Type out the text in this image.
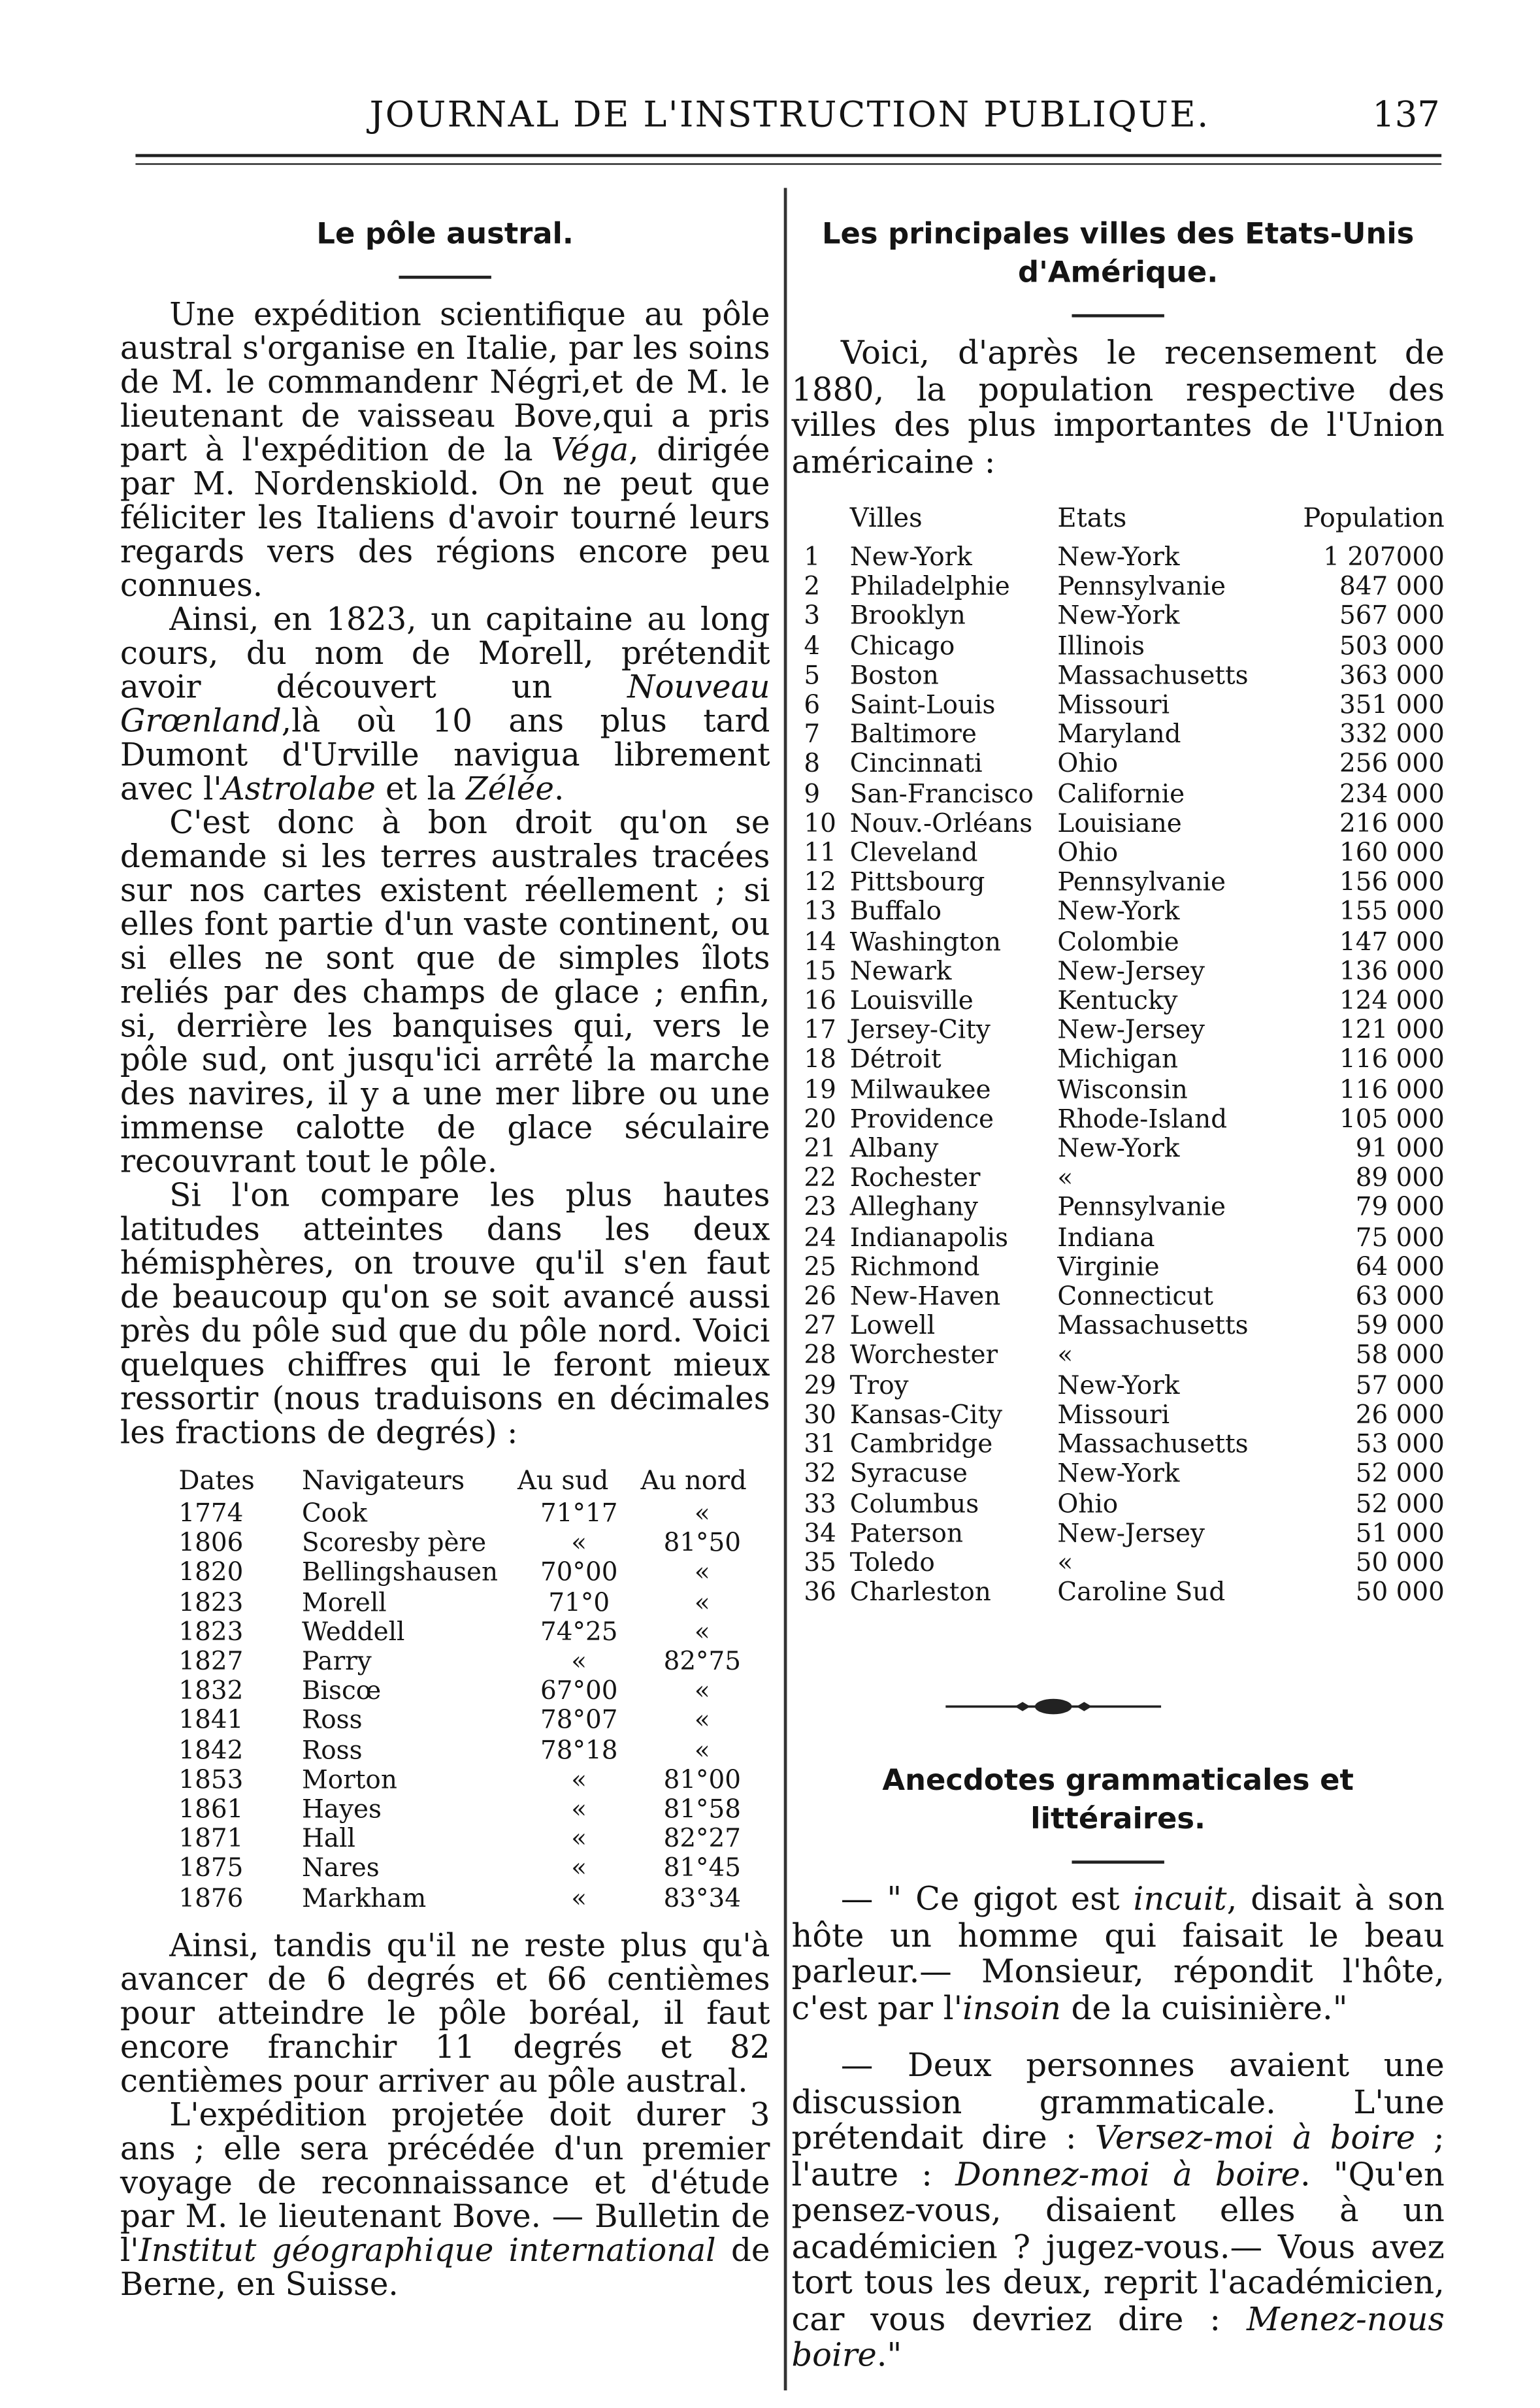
JOURNAL DE L'INSTRUCTION PUBLIQUE.	137
Le pôle austral.

Une expédition scientifique au pôle austral s'organise en Italie, par les soins de M. le commandenr Négri,et de M. le lieutenant de vaisseau Bove,qui a pris part à l'expédition de la Véga, dirigée par M. Nordenskiold. On ne peut que féliciter les Italiens d'avoir tourné leurs regards vers des régions encore peu connues.

Ainsi, en 1823, un capitaine au long cours, du nom de Morell, prétendit avoir découvert un Nouveau Grœnland,là où 10 ans plus tard Dumont d'Urville navigua librement avec l'Astrolabe et la Zélée.

C'est donc à bon droit qu'on se demande si les terres australes tracées sur nos cartes existent réellement ; si elles font partie d'un vaste continent, ou si elles ne sont que de simples îlots reliés par des champs de glace ; enfin, si, derrière les banquises qui, vers le pôle sud, ont jusqu'ici arrêté la marche des navires, il y a une mer libre ou une immense calotte de glace séculaire recouvrant tout le pôle.

Si l'on compare les plus hautes latitudes atteintes dans les deux hémisphères, on trouve qu'il s'en faut de beaucoup qu'on se soit avancé aussi près du pôle sud que du pôle nord. Voici quelques chiffres qui le feront mieux ressortir (nous traduisons en décimales les fractions de degrés) :

Dates	Navigateurs	Au sud	Au nord
1774	Cook	71°17	«
1806	Scoresby père	«	81°50
1820	Bellingshausen	70°00	«
1823	Morell	71°0	«
1823	Weddell	74°25	«
1827	Parry	«	82°75
1832	Biscœ	67°00	«
1841	Ross	78°07	«
1842	Ross	78°18	«
1853	Morton	«	81°00
1861	Hayes	«	81°58
1871	Hall	«	82°27
1875	Nares	«	81°45
1876	Markham	«	83°34

Ainsi, tandis qu'il ne reste plus qu'à avancer de 6 degrés et 66 centièmes pour atteindre le pôle boréal, il faut encore franchir 11 degrés et 82 centièmes pour arriver au pôle austral.

L'expédition projetée doit durer 3 ans ; elle sera précédée d'un premier voyage de reconnaissance et d'étude par M. le lieutenant Bove. — Bulletin de l'Institut géographique international de Berne, en Suisse.

Les principales villes des Etats-Unis d'Amérique.

Voici, d'après le recensement de 1880, la population respective des villes des plus importantes de l'Union américaine :

	Villes	Etats	Population
1	New-York	New-York	1 207000
2	Philadelphie	Pennsylvanie	847 000
3	Brooklyn	New-York	567 000
4	Chicago	Illinois	503 000
5	Boston	Massachusetts	363 000
6	Saint-Louis	Missouri	351 000
7	Baltimore	Maryland	332 000
8	Cincinnati	Ohio	256 000
9	San-Francisco	Californie	234 000
10	Nouv.-Orléans	Louisiane	216 000
11	Cleveland	Ohio	160 000
12	Pittsbourg	Pennsylvanie	156 000
13	Buffalo	New-York	155 000
14	Washington	Colombie	147 000
15	Newark	New-Jersey	136 000
16	Louisville	Kentucky	124 000
17	Jersey-City	New-Jersey	121 000
18	Détroit	Michigan	116 000
19	Milwaukee	Wisconsin	116 000
20	Providence	Rhode-Island	105 000
21	Albany	New-York	91 000
22	Rochester	«	89 000
23	Alleghany	Pennsylvanie	79 000
24	Indianapolis	Indiana	75 000
25	Richmond	Virginie	64 000
26	New-Haven	Connecticut	63 000
27	Lowell	Massachusetts	59 000
28	Worchester	«	58 000
29	Troy	New-York	57 000
30	Kansas-City	Missouri	26 000
31	Cambridge	Massachusetts	53 000
32	Syracuse	New-York	52 000
33	Columbus	Ohio	52 000
34	Paterson	New-Jersey	51 000
35	Toledo	«	50 000
36	Charleston	Caroline Sud	50 000
Anecdotes grammaticales et littéraires.

— " Ce gigot est incuit, disait à son hôte un homme qui faisait le beau parleur.— Monsieur, répondit l'hôte, c'est par l'insoin de la cuisinière."

— Deux personnes avaient une discussion grammaticale. L'une prétendait dire : Versez-moi à boire ; l'autre : Donnez-moi à boire. "Qu'en pensez-vous, disaient elles à un académicien ? jugez-vous.— Vous avez tort tous les deux, reprit l'académicien, car vous devriez dire : Menez-nous boire."
